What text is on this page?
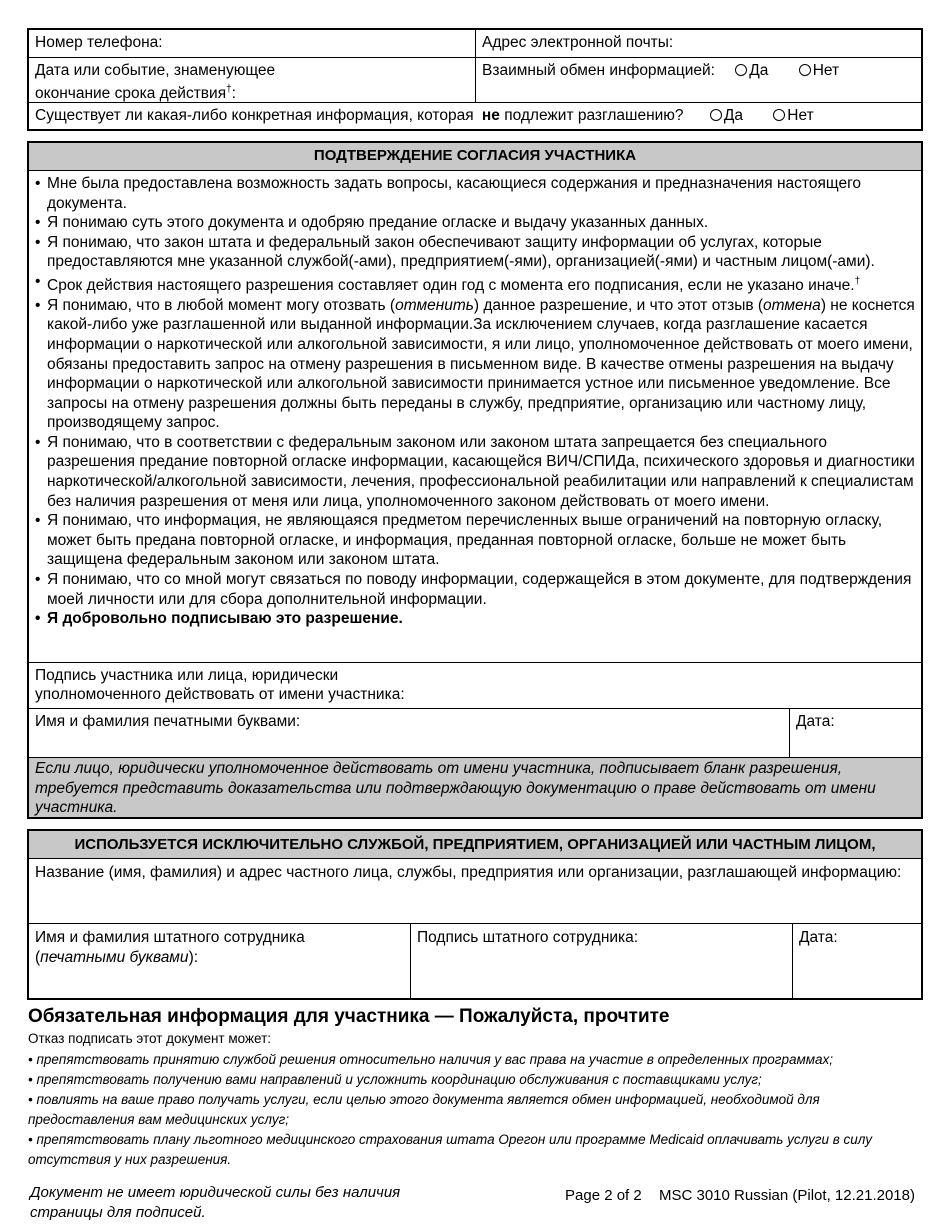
Номер телефона:	Адрес электронной почты:
Дата или событие, знаменующее
окончание срока действия†:
Взаимный обмен информацией: Да	Нет
Существует ли какая-либо конкретная информация, которая не подлежит разглашению?	Да	Нет
ПОДТВЕРЖДЕНИЕ СОГЛАСИЯ УЧАСТНИКА
• Мне была предоставлена возможность задать вопросы, касающиеся содержания и предназначения настоящего документа.
• Я понимаю суть этого документа и одобряю предание огласке и выдачу указанных данных.
• Я понимаю, что закон штата и федеральный закон обеспечивают защиту информации об услугах, которые предоставляются мне указанной службой(-ами), предприятием(-ями), организацией(-ями) и частным лицом(-ами).
• Срок действия настоящего разрешения составляет один год с момента его подписания, если не указано иначе.†
• Я понимаю, что в любой момент могу отозвать (отменить) данное разрешение, и что этот отзыв (отмена) не коснется какой-либо уже разглашенной или выданной информации.За исключением случаев, когда разглашение касается информации о наркотической или алкогольной зависимости, я или лицо, уполномоченное действовать от моего имени, обязаны предоставить запрос на отмену разрешения в письменном виде. В качестве отмены разрешения на выдачу информации о наркотической или алкогольной зависимости принимается устное или письменное уведомление. Все запросы на отмену разрешения должны быть переданы в службу, предприятие, организацию или частному лицу, производящему запрос.
• Я понимаю, что в соответствии с федеральным законом или законом штата запрещается без специального разрешения предание повторной огласке информации, касающейся ВИЧ/СПИДа, психического здоровья и диагностики наркотической/алкогольной зависимости, лечения, профессиональной реабилитации или направлений к специалистам без наличия разрешения от меня или лица, уполномоченного законом действовать от моего имени.
• Я понимаю, что информация, не являющаяся предметом перечисленных выше ограничений на повторную огласку, может быть предана повторной огласке, и информация, преданная повторной огласке, больше не может быть защищена федеральным законом или законом штата.
• Я понимаю, что со мной могут связаться по поводу информации, содержащейся в этом документе, для подтверждения моей личности или для сбора дополнительной информации.
• Я добровольно подписываю это разрешение.
Подпись участника или лица, юридически
уполномоченного действовать от имени участника:
Имя и фамилия печатными буквами:	Дата:
Если лицо, юридически уполномоченное действовать от имени участника, подписывает бланк разрешения, требуется представить доказательства или подтверждающую документацию о праве действовать от имени участника.
ИСПОЛЬЗУЕТСЯ ИСКЛЮЧИТЕЛЬНО СЛУЖБОЙ, ПРЕДПРИЯТИЕМ, ОРГАНИЗАЦИЕЙ ИЛИ ЧАСТНЫМ ЛИЦОМ,
Название (имя, фамилия) и адрес частного лица, службы, предприятия или организации, разглашающей информацию:
Имя и фамилия штатного сотрудника
(печатными буквами):
Подпись штатного сотрудника:	Дата:
Обязательная информация для участника — Пожалуйста, прочтите
Отказ подписать этот документ может:
• препятствовать принятию службой решения относительно наличия у вас права на участие в определенных программах;
• препятствовать получению вами направлений и усложнить координацию обслуживания с поставщиками услуг;
• повлиять на ваше право получать услуги, если целью этого документа является обмен информацией, необходимой для предоставления вам медицинских услуг;
• препятствовать плану льготного медицинского страхования штата Орегон или программе Medicaid оплачивать услуги в силу отсутствия у них разрешения.
Документ не имеет юридической силы без наличия
страницы для подписей.
Page 2 of 2 MSC 3010 Russian (Pilot, 12.21.2018)
